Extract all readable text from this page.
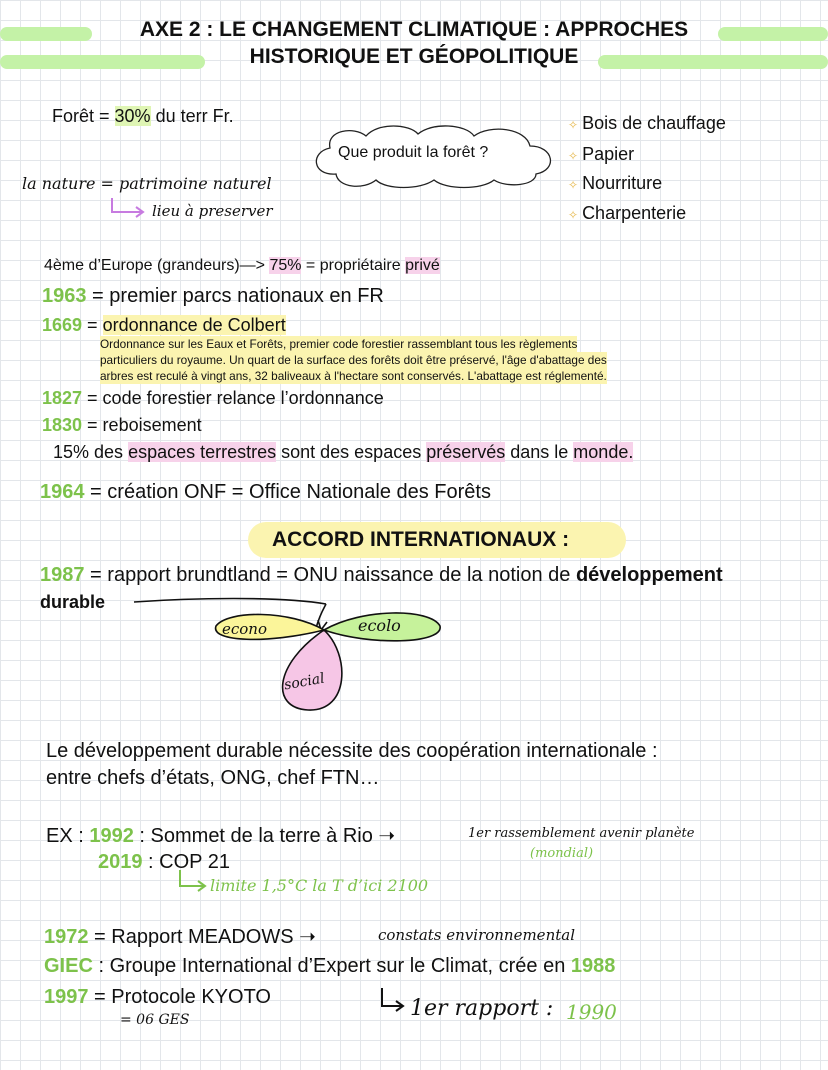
AXE 2 : LE CHANGEMENT CLIMATIQUE : APPROCHES
HISTORIQUE ET GÉOPOLITIQUE
Forêt = 30% du terr Fr.
la nature = patrimoine naturel
lieu à preserver
Que produit la forêt ?
✧ Bois de chauffage
✧ Papier
✧ Nourriture
✧ Charpenterie
4ème d’Europe (grandeurs)—> 75% = propriétaire privé
1963 = premier parcs nationaux en FR
1669 = ordonnance de Colbert
Ordonnance sur les Eaux et Forêts, premier code forestier rassemblant tous les règlements
particuliers du royaume. Un quart de la surface des forêts doit être préservé, l'âge d'abattage des
arbres est reculé à vingt ans, 32 baliveaux à l'hectare sont conservés. L'abattage est réglementé.
1827 = code forestier relance l’ordonnance
1830 = reboisement
15% des espaces terrestres sont des espaces préservés dans le monde.
1964 = création ONF = Office Nationale des Forêts
ACCORD INTERNATIONAUX :
1987 = rapport brundtland = ONU naissance de la notion de développement
durable
econo	ecolo
social
Le développement durable nécessite des coopération internationale :
entre chefs d’états, ONG, chef FTN…
EX : 1992 : Sommet de la terre à Rio ➝	1er rassemblement avenir planète
(mondial)
2019 : COP 21
limite 1,5°C la T d’ici 2100
1972 = Rapport MEADOWS ➝	constats environnemental
GIEC : Groupe International d’Expert sur le Climat, crée en 1988
1997 = Protocole KYOTO
= 06 GES	1er rapport : 1990
